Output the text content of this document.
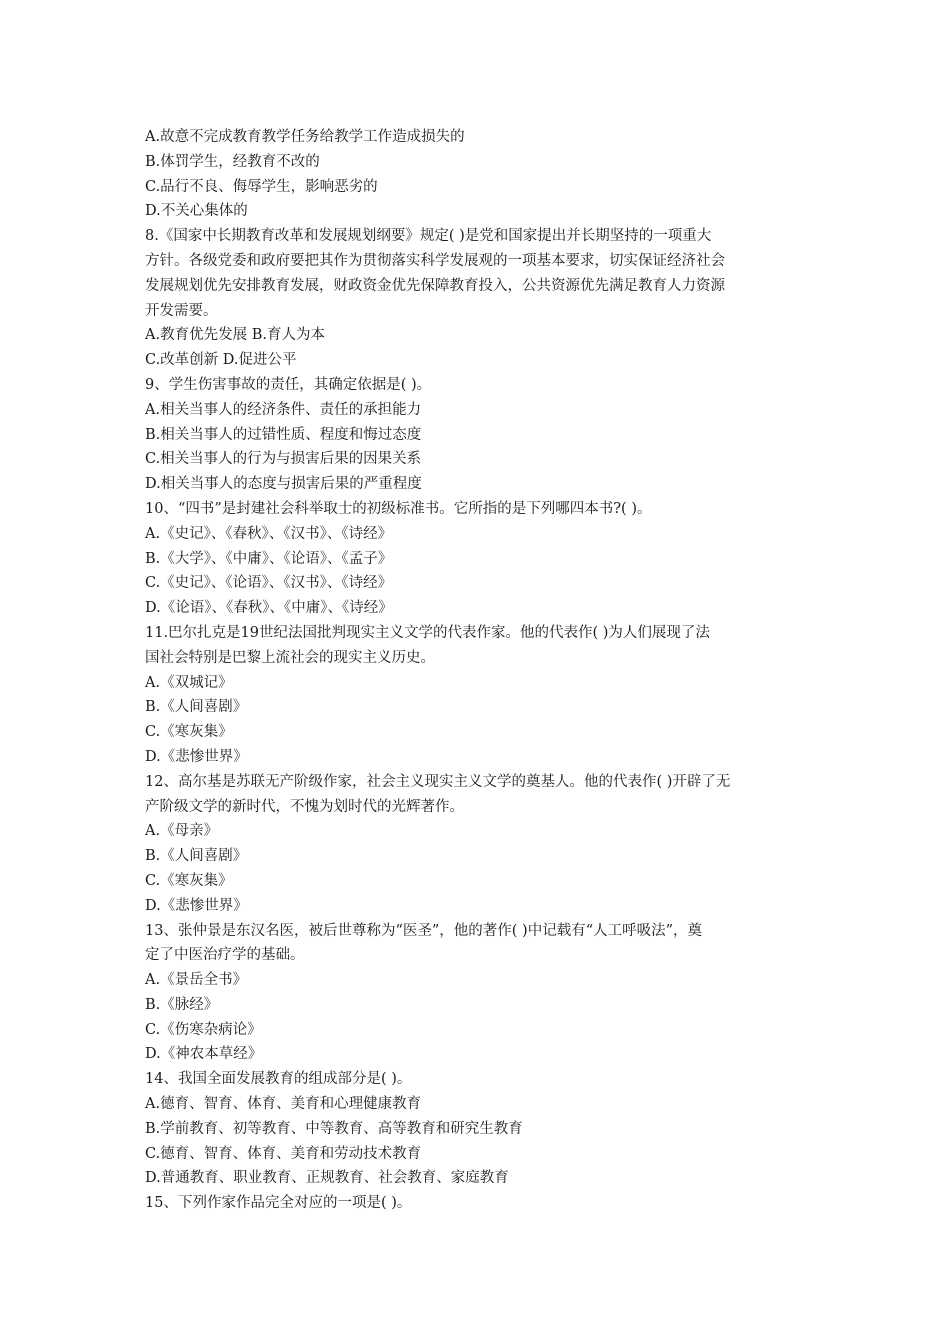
A.故意不完成教育教学任务给教学工作造成损失的
B.体罚学生，经教育不改的
C.品行不良、侮辱学生，影响恶劣的
D.不关心集体的
8.《国家中长期教育改革和发展规划纲要》规定( )是党和国家提出并长期坚持的一项重大
方针。各级党委和政府要把其作为贯彻落实科学发展观的一项基本要求，切实保证经济社会
发展规划优先安排教育发展，财政资金优先保障教育投入，公共资源优先满足教育人力资源
开发需要。
A.教育优先发展 B.育人为本
C.改革创新 D.促进公平
9、学生伤害事故的责任，其确定依据是( )。
A.相关当事人的经济条件、责任的承担能力
B.相关当事人的过错性质、程度和悔过态度
C.相关当事人的行为与损害后果的因果关系
D.相关当事人的态度与损害后果的严重程度
10、“四书”是封建社会科举取士的初级标准书。它所指的是下列哪四本书?( )。
A.《史记》、《春秋》、《汉书》、《诗经》
B.《大学》、《中庸》、《论语》、《孟子》
C.《史记》、《论语》、《汉书》、《诗经》
D.《论语》、《春秋》、《中庸》、《诗经》
11.巴尔扎克是19世纪法国批判现实主义文学的代表作家。他的代表作( )为人们展现了法
国社会特别是巴黎上流社会的现实主义历史。
A.《双城记》
B.《人间喜剧》
C.《寒灰集》
D.《悲惨世界》
12、高尔基是苏联无产阶级作家，社会主义现实主义文学的奠基人。他的代表作( )开辟了无
产阶级文学的新时代，不愧为划时代的光辉著作。
A.《母亲》
B.《人间喜剧》
C.《寒灰集》
D.《悲惨世界》
13、张仲景是东汉名医，被后世尊称为“医圣”，他的著作( )中记载有“人工呼吸法”，奠
定了中医治疗学的基础。
A.《景岳全书》
B.《脉经》
C.《伤寒杂病论》
D.《神农本草经》
14、我国全面发展教育的组成部分是( )。
A.德育、智育、体育、美育和心理健康教育
B.学前教育、初等教育、中等教育、高等教育和研究生教育
C.德育、智育、体育、美育和劳动技术教育
D.普通教育、职业教育、正规教育、社会教育、家庭教育
15、下列作家作品完全对应的一项是( )。
